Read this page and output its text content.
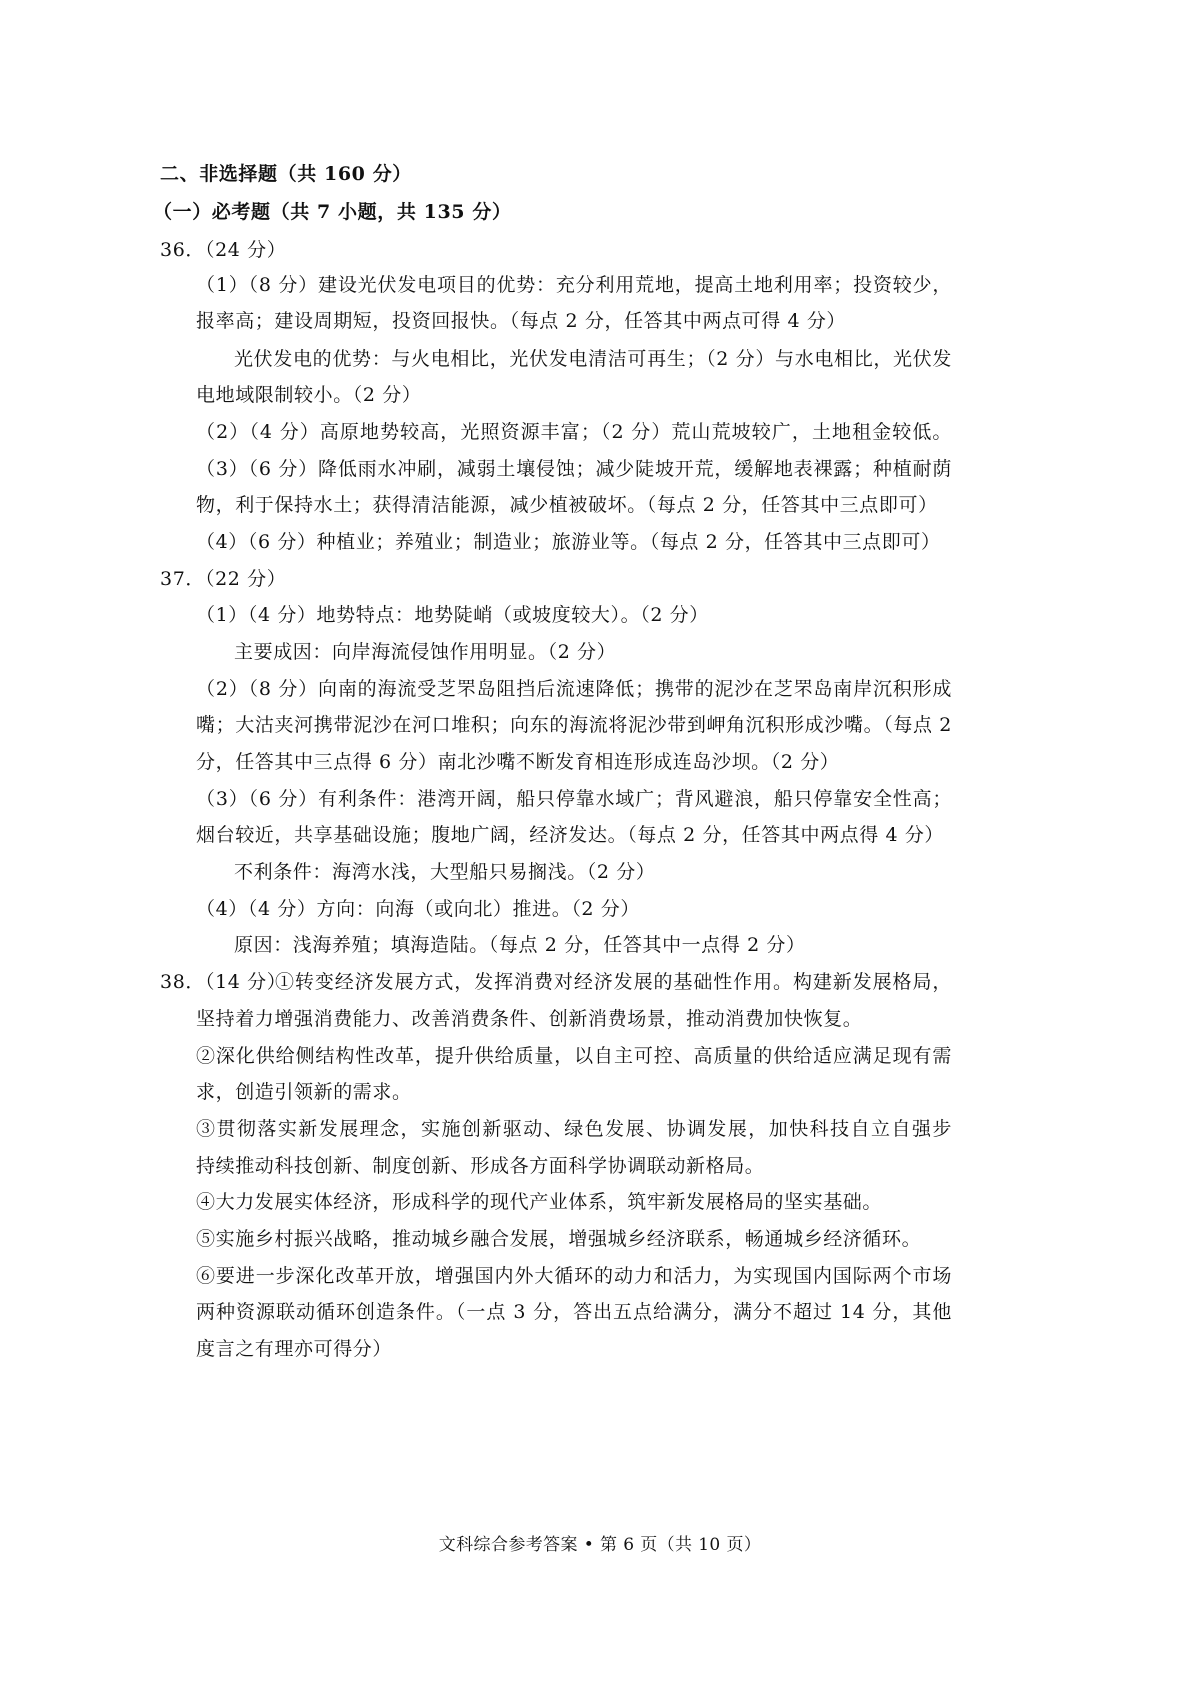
二、非选择题（共 160 分）
（一）必考题（共 7 小题，共 135 分）
36．（24 分）
（1）（8 分）建设光伏发电项目的优势：充分利用荒地，提高土地利用率；投资较少，
报率高；建设周期短，投资回报快。（每点 2 分，任答其中两点可得 4 分）
光伏发电的优势：与火电相比，光伏发电清洁可再生；（2 分）与水电相比，光伏发
电地域限制较小。（2 分）
（2）（4 分）高原地势较高，光照资源丰富；（2 分）荒山荒坡较广，土地租金较低。
（3）（6 分）降低雨水冲刷，减弱土壤侵蚀；减少陡坡开荒，缓解地表裸露；种植耐荫
物，利于保持水土；获得清洁能源，减少植被破坏。（每点 2 分，任答其中三点即可）
（4）（6 分）种植业；养殖业；制造业；旅游业等。（每点 2 分，任答其中三点即可）
37．（22 分）
（1）（4 分）地势特点：地势陡峭（或坡度较大）。（2 分）
主要成因：向岸海流侵蚀作用明显。（2 分）
（2）（8 分）向南的海流受芝罘岛阻挡后流速降低；携带的泥沙在芝罘岛南岸沉积形成
嘴；大沽夹河携带泥沙在河口堆积；向东的海流将泥沙带到岬角沉积形成沙嘴。（每点 2
分，任答其中三点得 6 分）南北沙嘴不断发育相连形成连岛沙坝。（2 分）
（3）（6 分）有利条件：港湾开阔，船只停靠水域广；背风避浪，船只停靠安全性高；
烟台较近，共享基础设施；腹地广阔，经济发达。（每点 2 分，任答其中两点得 4 分）
不利条件：海湾水浅，大型船只易搁浅。（2 分）
（4）（4 分）方向：向海（或向北）推进。（2 分）
原因：浅海养殖；填海造陆。（每点 2 分，任答其中一点得 2 分）
38．（14 分）
①转变经济发展方式，发挥消费对经济发展的基础性作用。构建新发展格局，
坚持着力增强消费能力、改善消费条件、创新消费场景，推动消费加快恢复。
②深化供给侧结构性改革，提升供给质量，以自主可控、高质量的供给适应满足现有需
求，创造引领新的需求。
③贯彻落实新发展理念，实施创新驱动、绿色发展、协调发展，加快科技自立自强步
持续推动科技创新、制度创新、形成各方面科学协调联动新格局。
④大力发展实体经济，形成科学的现代产业体系，筑牢新发展格局的坚实基础。
⑤实施乡村振兴战略，推动城乡融合发展，增强城乡经济联系，畅通城乡经济循环。
⑥要进一步深化改革开放，增强国内外大循环的动力和活力，为实现国内国际两个市场
两种资源联动循环创造条件。（一点 3 分，答出五点给满分，满分不超过 14 分，其他
度言之有理亦可得分）
文科综合参考答案 • 第 6 页（共 10 页）
